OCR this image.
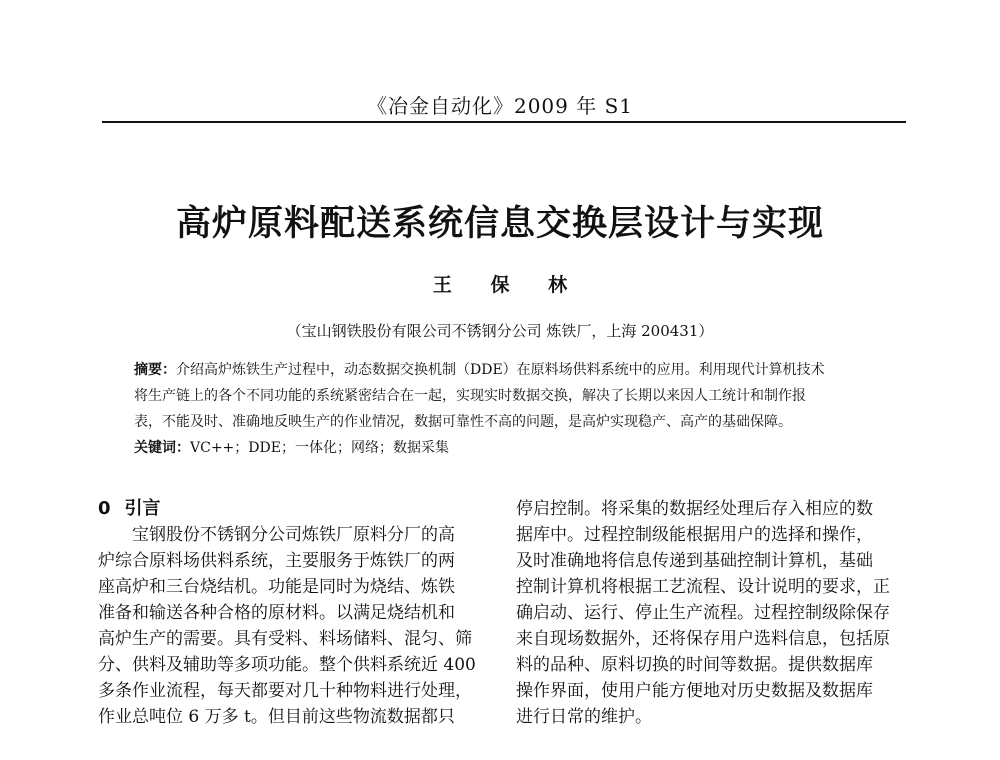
《冶金自动化》2009 年 S1
高炉原料配送系统信息交换层设计与实现
王 保 林
（宝山钢铁股份有限公司不锈钢分公司 炼铁厂，上海 200431）
摘要：介绍高炉炼铁生产过程中，动态数据交换机制（DDE）在原料场供料系统中的应用。利用现代计算机技术
将生产链上的各个不同功能的系统紧密结合在一起，实现实时数据交换，解决了长期以来因人工统计和制作报
表，不能及时、准确地反映生产的作业情况，数据可靠性不高的问题，是高炉实现稳产、高产的基础保障。
关键词：VC++；DDE；一体化；网络；数据采集
0 引言
　　宝钢股份不锈钢分公司炼铁厂原料分厂的高
炉综合原料场供料系统，主要服务于炼铁厂的两
座高炉和三台烧结机。功能是同时为烧结、炼铁
准备和输送各种合格的原材料。以满足烧结机和
高炉生产的需要。具有受料、料场储料、混匀、筛
分、供料及辅助等多项功能。整个供料系统近 400
多条作业流程，每天都要对几十种物料进行处理，
作业总吨位 6 万多 t。但目前这些物流数据都只
停启控制。将采集的数据经处理后存入相应的数
据库中。过程控制级能根据用户的选择和操作，
及时准确地将信息传递到基础控制计算机，基础
控制计算机将根据工艺流程、设计说明的要求，正
确启动、运行、停止生产流程。过程控制级除保存
来自现场数据外，还将保存用户选料信息，包括原
料的品种、原料切换的时间等数据。提供数据库
操作界面，使用户能方便地对历史数据及数据库
进行日常的维护。
